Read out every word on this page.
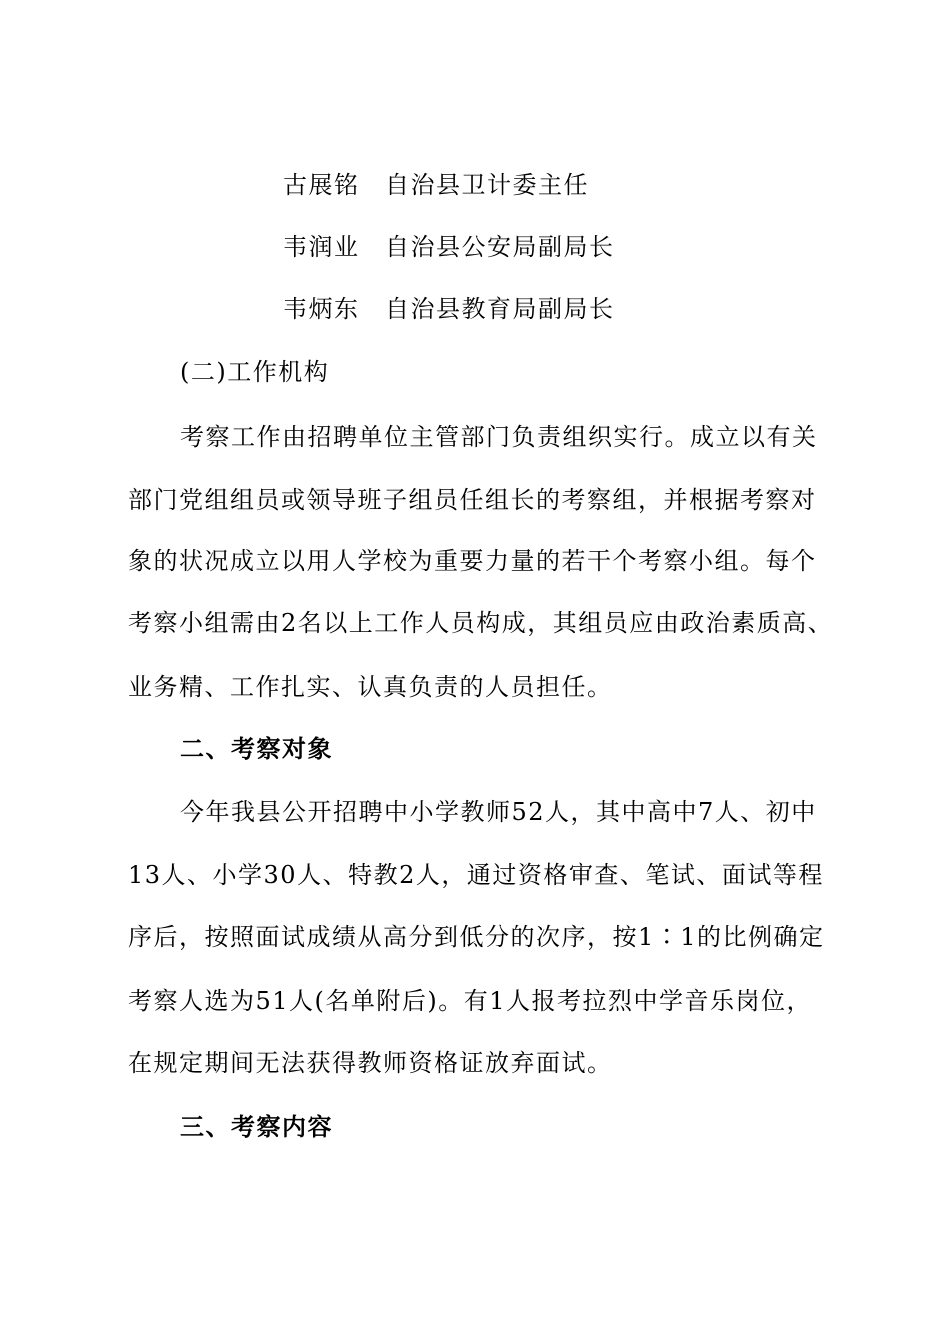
古展铭 自治县卫计委主任
韦润业 自治县公安局副局长
韦炳东 自治县教育局副局长
(二)工作机构
考察工作由招聘单位主管部门负责组织实行。成立以有关
部门党组组员或领导班子组员任组长的考察组，并根据考察对
象的状况成立以用人学校为重要力量的若干个考察小组。每个
考察小组需由2名以上工作人员构成，其组员应由政治素质高、
业务精、工作扎实、认真负责的人员担任。
二、考察对象
今年我县公开招聘中小学教师52人，其中高中7人、初中
13人、小学30人、特教2人，通过资格审查、笔试、面试等程
序后，按照面试成绩从高分到低分的次序，按1∶1的比例确定
考察人选为51人(名单附后)。有1人报考拉烈中学音乐岗位，
在规定期间无法获得教师资格证放弃面试。
三、考察内容
